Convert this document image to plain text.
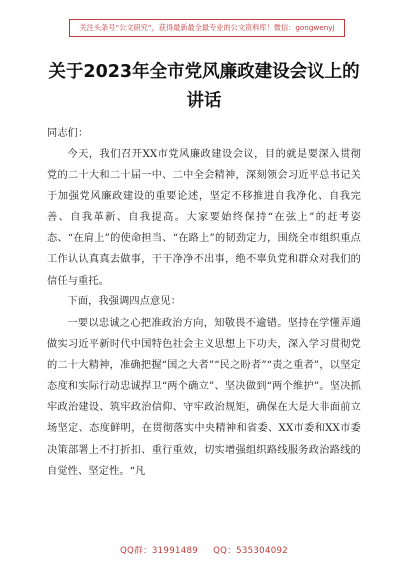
关注头条号“公文研究”，获得最新最全最专业的公文资料库！微信：gongwenyj
关于2023年全市党风廉政建设会议上的讲话
同志们：
今天，我们召开XX市党风廉政建设会议，目的就是要深入贯彻党的二十大和二十届一中、二中全会精神，深刻领会习近平总书记关于加强党风廉政建设的重要论述，坚定不移推进自我净化、自我完善、自我革新、自我提高。大家要始终保持“在弦上”的赶考姿态、“在肩上”的使命担当、“在路上”的韧劲定力，围绕全市组织重点工作认认真真去做事，干干净净不出事，绝不辜负党和群众对我们的信任与重托。
下面，我强调四点意见：
一要以忠诚之心把准政治方向，知敬畏不逾错。坚持在学懂弄通做实习近平新时代中国特色社会主义思想上下功夫，深入学习贯彻党的二十大精神，准确把握“国之大者”“民之盼者”“责之重者”，以坚定态度和实际行动忠诚捍卫“两个确立”、坚决做到“两个维护”。坚决抓牢政治建设、筑牢政治信仰、守牢政治规矩，确保在大是大非面前立场坚定、态度鲜明，在贯彻落实中央精神和省委、XX市委和XX市委决策部署上不打折扣、重行重效，切实增强组织路线服务政治路线的自觉性、坚定性。“凡
QQ群：31991489 QQ：535304092
